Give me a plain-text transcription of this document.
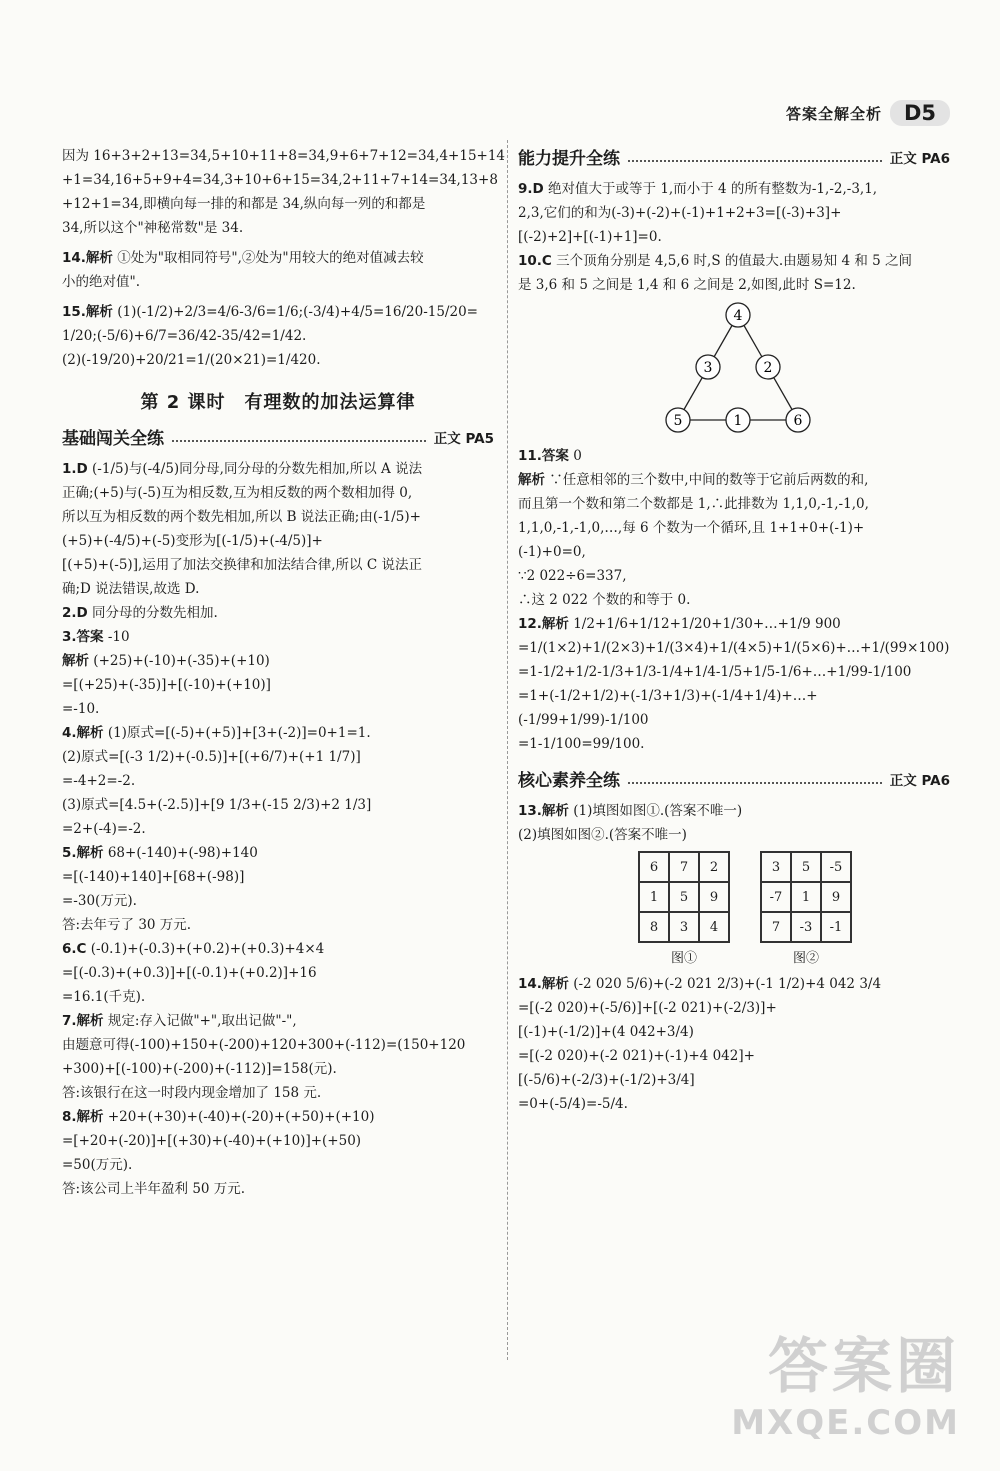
答案全解全析	D5
因为 16+3+2+13=34,5+10+11+8=34,9+6+7+12=34,4+15+14
+1=34,16+5+9+4=34,3+10+6+15=34,2+11+7+14=34,13+8
+12+1=34,即横向每一排的和都是 34,纵向每一列的和都是
34,所以这个"神秘常数"是 34.
14.解析 ①处为"取相同符号",②处为"用较大的绝对值减去较
小的绝对值".
15.解析 (1)(-1/2)+2/3=4/6-3/6=1/6;(-3/4)+4/5=16/20-15/20=
1/20;(-5/6)+6/7=36/42-35/42=1/42.
(2)(-19/20)+20/21=1/(20×21)=1/420.
第 2 课时　有理数的加法运算律
基础闯关全练	正文 PA5
1.D (-1/5)与(-4/5)同分母,同分母的分数先相加,所以 A 说法
正确;(+5)与(-5)互为相反数,互为相反数的两个数相加得 0,
所以互为相反数的两个数先相加,所以 B 说法正确;由(-1/5)+
(+5)+(-4/5)+(-5)变形为[(-1/5)+(-4/5)]+
[(+5)+(-5)],运用了加法交换律和加法结合律,所以 C 说法正
确;D 说法错误,故选 D.
2.D 同分母的分数先相加.
3.答案 -10
解析 (+25)+(-10)+(-35)+(+10)
=[(+25)+(-35)]+[(-10)+(+10)]
=-10.
4.解析 (1)原式=[(-5)+(+5)]+[3+(-2)]=0+1=1.
(2)原式=[(-3 1/2)+(-0.5)]+[(+6/7)+(+1 1/7)]
=-4+2=-2.
(3)原式=[4.5+(-2.5)]+[9 1/3+(-15 2/3)+2 1/3]
=2+(-4)=-2.
5.解析 68+(-140)+(-98)+140
=[(-140)+140]+[68+(-98)]
=-30(万元).
答:去年亏了 30 万元.
6.C (-0.1)+(-0.3)+(+0.2)+(+0.3)+4×4
=[(-0.3)+(+0.3)]+[(-0.1)+(+0.2)]+16
=16.1(千克).
7.解析 规定:存入记做"+",取出记做"-",
由题意可得(-100)+150+(-200)+120+300+(-112)=(150+120
+300)+[(-100)+(-200)+(-112)]=158(元).
答:该银行在这一时段内现金增加了 158 元.
8.解析 +20+(+30)+(-40)+(-20)+(+50)+(+10)
=[+20+(-20)]+[(+30)+(-40)+(+10)]+(+50)
=50(万元).
答:该公司上半年盈利 50 万元.
能力提升全练	正文 PA6
9.D 绝对值大于或等于 1,而小于 4 的所有整数为-1,-2,-3,1,
2,3,它们的和为(-3)+(-2)+(-1)+1+2+3=[(-3)+3]+
[(-2)+2]+[(-1)+1]=0.
10.C 三个顶角分别是 4,5,6 时,S 的值最大.由题易知 4 和 5 之间
是 3,6 和 5 之间是 1,4 和 6 之间是 2,如图,此时 S=12.
4
3	2
5	1	6
11.答案 0
解析 ∵任意相邻的三个数中,中间的数等于它前后两数的和,
而且第一个数和第二个数都是 1,∴此排数为 1,1,0,-1,-1,0,
1,1,0,-1,-1,0,…,每 6 个数为一个循环,且 1+1+0+(-1)+
(-1)+0=0,
∵2 022÷6=337,
∴这 2 022 个数的和等于 0.
12.解析 1/2+1/6+1/12+1/20+1/30+…+1/9 900
=1/(1×2)+1/(2×3)+1/(3×4)+1/(4×5)+1/(5×6)+…+1/(99×100)
=1-1/2+1/2-1/3+1/3-1/4+1/4-1/5+1/5-1/6+…+1/99-1/100
=1+(-1/2+1/2)+(-1/3+1/3)+(-1/4+1/4)+…+
(-1/99+1/99)-1/100
=1-1/100=99/100.
核心素养全练	正文 PA6
13.解析 (1)填图如图①.(答案不唯一)
(2)填图如图②.(答案不唯一)
6	7	2
1	5	9
8	3	4
图①
3	5	-5
-7	1	9
7	-3	-1
图②
14.解析 (-2 020 5/6)+(-2 021 2/3)+(-1 1/2)+4 042 3/4
=[(-2 020)+(-5/6)]+[(-2 021)+(-2/3)]+
[(-1)+(-1/2)]+(4 042+3/4)
=[(-2 020)+(-2 021)+(-1)+4 042]+
[(-5/6)+(-2/3)+(-1/2)+3/4]
=0+(-5/4)=-5/4.
答案圈
MXQE.COM
